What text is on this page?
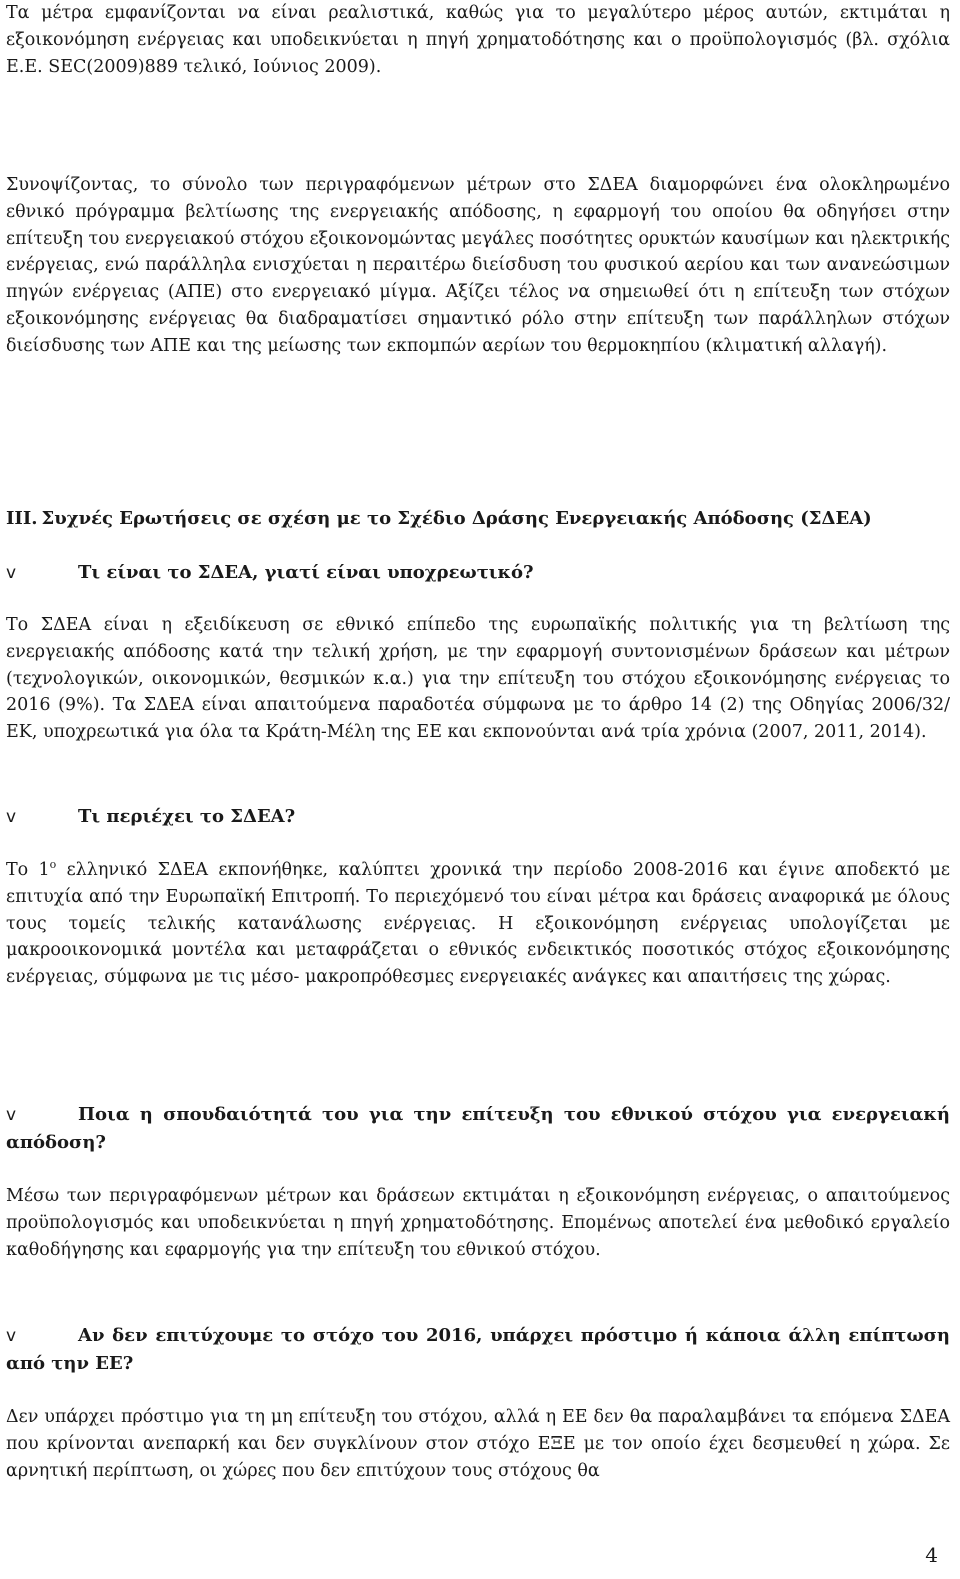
Τα μέτρα εμφανίζονται να είναι ρεαλιστικά, καθώς για το μεγαλύτερο μέρος αυτών, εκτιμάται η εξοικονόμηση ενέργειας και υποδεικνύεται η πηγή χρηματοδότησης και ο προϋπολογισμός (βλ. σχόλια Ε.Ε. SEC(2009)889 τελικό, Ιούνιος 2009).

Συνοψίζοντας, το σύνολο των περιγραφόμενων μέτρων στο ΣΔΕΑ διαμορφώνει ένα ολοκληρωμένο εθνικό πρόγραμμα βελτίωσης της ενεργειακής απόδοσης, η εφαρμογή του οποίου θα οδηγήσει στην επίτευξη του ενεργειακού στόχου εξοικονομώντας μεγάλες ποσότητες ορυκτών καυσίμων και ηλεκτρικής ενέργειας, ενώ παράλληλα ενισχύεται η περαιτέρω διείσδυση του φυσικού αερίου και των ανανεώσιμων πηγών ενέργειας (ΑΠΕ) στο ενεργειακό μίγμα. Αξίζει τέλος να σημειωθεί ότι η επίτευξη των στόχων εξοικονόμησης ενέργειας θα διαδραματίσει σημαντικό ρόλο στην επίτευξη των παράλληλων στόχων διείσδυσης των ΑΠΕ και της μείωσης των εκπομπών αερίων του θερμοκηπίου (κλιματική αλλαγή).

III. Συχνές Ερωτήσεις σε σχέση με το Σχέδιο Δράσης Ενεργειακής Απόδοσης (ΣΔΕΑ)
v	Τι είναι το ΣΔΕΑ, γιατί είναι υποχρεωτικό?

Το ΣΔΕΑ είναι η εξειδίκευση σε εθνικό επίπεδο της ευρωπαϊκής πολιτικής για τη βελτίωση της ενεργειακής απόδοσης κατά την τελική χρήση, με την εφαρμογή συντονισμένων δράσεων και μέτρων (τεχνολογικών, οικονομικών, θεσμικών κ.α.) για την επίτευξη του στόχου εξοικονόμησης ενέργειας το 2016 (9%). Τα ΣΔΕΑ είναι απαιτούμενα παραδοτέα σύμφωνα με το άρθρο 14 (2) της Οδηγίας 2006/32/ΕΚ, υποχρεωτικά για όλα τα Κράτη-Μέλη της ΕΕ και εκπονούνται ανά τρία χρόνια (2007, 2011, 2014).

v	Τι περιέχει το ΣΔΕΑ?

Το $1^o$ ελληνικό ΣΔΕΑ εκπονήθηκε, καλύπτει χρονικά την περίοδο 2008-2016 και έγινε αποδεκτό με επιτυχία από την Ευρωπαϊκή Επιτροπή. Το περιεχόμενό του είναι μέτρα και δράσεις αναφορικά με όλους τους τομείς τελικής κατανάλωσης ενέργειας. Η εξοικονόμηση ενέργειας υπολογίζεται με μακροοικονομικά μοντέλα και μεταφράζεται ο εθνικός ενδεικτικός ποσοτικός στόχος εξοικονόμησης ενέργειας, σύμφωνα με τις μέσο- μακροπρόθεσμες ενεργειακές ανάγκες και απαιτήσεις της χώρας.

v	Ποια η σπουδαιότητά του για την επίτευξη του εθνικού στόχου για ενεργειακή απόδοση?

Μέσω των περιγραφόμενων μέτρων και δράσεων εκτιμάται η εξοικονόμηση ενέργειας, ο απαιτούμενος προϋπολογισμός και υποδεικνύεται η πηγή χρηματοδότησης. Επομένως αποτελεί ένα μεθοδικό εργαλείο καθοδήγησης και εφαρμογής για την επίτευξη του εθνικού στόχου.

v	Αν δεν επιτύχουμε το στόχο του 2016, υπάρχει πρόστιμο ή κάποια άλλη επίπτωση από την ΕΕ?

Δεν υπάρχει πρόστιμο για τη μη επίτευξη του στόχου, αλλά η ΕΕ δεν θα παραλαμβάνει τα επόμενα ΣΔΕΑ που κρίνονται ανεπαρκή και δεν συγκλίνουν στον στόχο ΕΞΕ με τον οποίο έχει δεσμευθεί η χώρα. Σε αρνητική περίπτωση, οι χώρες που δεν επιτύχουν τους στόχους θα

4
